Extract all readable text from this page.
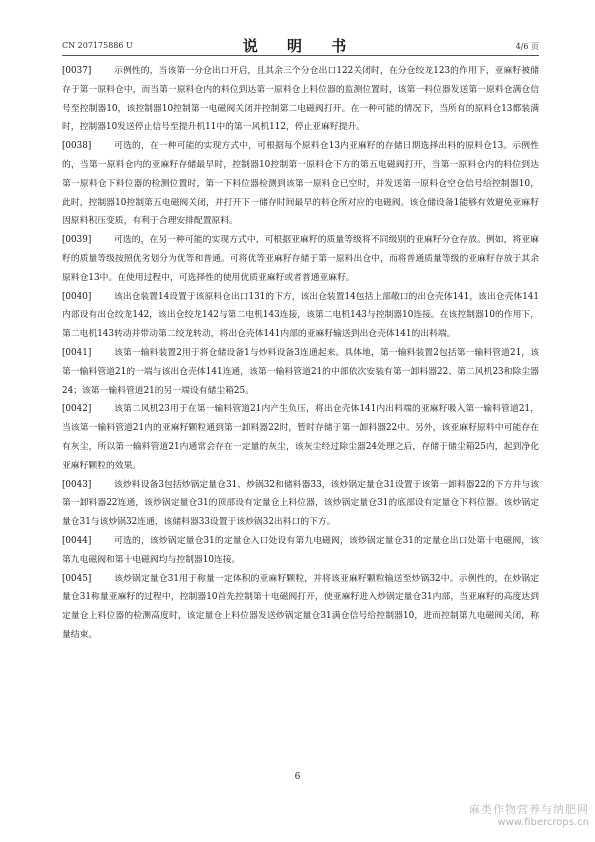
CN 207175886 U	说 明 书	4/6 页

[0037]	示例性的，当该第一分仓出口开启，且其余三个分仓出口122关闭时，在分仓绞龙123的作用下，亚麻籽被储存于第一原料仓中，而当第一原料仓内的料位到达第一原料仓上料位器的监测位置时，该第一料位器发送第一原料仓满仓信号至控制器10，该控制器10控制第一电磁阀关闭并控制第二电磁阀打开。在一种可能的情况下，当所有的原料仓13都装满时，控制器10发送停止信号至提升机11中的第一风机112，停止亚麻籽提升。

[0038]	可选的，在一种可能的实现方式中，可根据每个原料仓13内亚麻籽的存储日期选择出料的原料仓13。示例性的，当第一原料仓内的亚麻籽存储最早时，控制器10控制第一原料仓下方的第五电磁阀打开，当第一原料仓内的料位到达第一原料仓下料位器的检测位置时，第一下料位器检测到该第一原料仓已空时，并发送第一原料仓空仓信号给控制器10，此时，控制器10控制第五电磁阀关闭，并打开下一储存时间最早的料仓所对应的电磁阀。该仓储设备1能够有效避免亚麻籽因原料积压变质，有利于合理安排配置原料。

[0039]	可选的，在另一种可能的实现方式中，可根据亚麻籽的质量等级将不同级别的亚麻籽分仓存放。例如，将亚麻籽的质量等级按照优劣划分为优等和普通。可将优等亚麻籽存储于第一原料出仓中，而将普通质量等级的亚麻籽存放于其余原料仓13中。在使用过程中，可选择性的使用优质亚麻籽或者普通亚麻籽。

[0040]	该出仓装置14设置于该原料仓出口131的下方，该出仓装置14包括上部敞口的出仓壳体141，该出仓壳体141内部设有出仓绞龙142，该出仓绞龙142与第二电机143连接，该第二电机143与控制器10连接。在该控制器10的作用下，第二电机143转动并带动第二绞龙转动，将出仓壳体141内部的亚麻籽输送到出仓壳体141的出料端。

[0041]	该第一输料装置2用于将仓储设备1与炒料设备3连通起来。具体地，第一输料装置2包括第一输料管道21，该第一输料管道21的一端与该出仓壳体141连通，该第一输料管道21的中部依次安装有第一卸料器22、第二风机23和除尘器24；该第一输料管道21的另一端设有储尘箱25。

[0042]	该第二风机23用于在第一输料管道21内产生负压，将出仓壳体141内出料端的亚麻籽吸入第一输料管道21，当该第一输料管道21内的亚麻籽颗粒通到第一卸料器22时，暂时存储于第一卸料器22中。另外，该亚麻籽原料中可能存在有灰尘，所以第一输料管道21内通常会存在一定量的灰尘，该灰尘经过除尘器24处理之后，存储于储尘箱25内，起到净化亚麻籽颗粒的效果。

[0043]	该炒料设备3包括炒锅定量仓31、炒锅32和储料器33，该炒锅定量仓31设置于该第一卸料器22的下方并与该第一卸料器22连通，该炒锅定量仓31的顶部设有定量仓上料位器，该炒锅定量仓31的底部设有定量仓下料位器。该炒锅定量仓31与该炒锅32连通，该储料器33设置于该炒锅32出料口的下方。

[0044]	可选的，该炒锅定量仓31的定量仓入口处设有第九电磁阀，该炒锅定量仓31的定量仓出口处第十电磁阀，该第九电磁阀和第十电磁阀均与控制器10连接。

[0045]	该炒锅定量仓31用于称量一定体积的亚麻籽颗粒，并将该亚麻籽颗粒输送至炒锅32中。示例性的，在炒锅定量仓31称量亚麻籽的过程中，控制器10首先控制第十电磁阀打开，使亚麻籽进入炒锅定量仓31内部，当亚麻籽的高度达到定量仓上料位器的检测高度时，该定量仓上料位器发送炒锅定量仓31满仓信号给控制器10，进而控制第九电磁阀关闭，称量结束。

6
麻类作物营养与纳肥网
www.fibercrops.cn
